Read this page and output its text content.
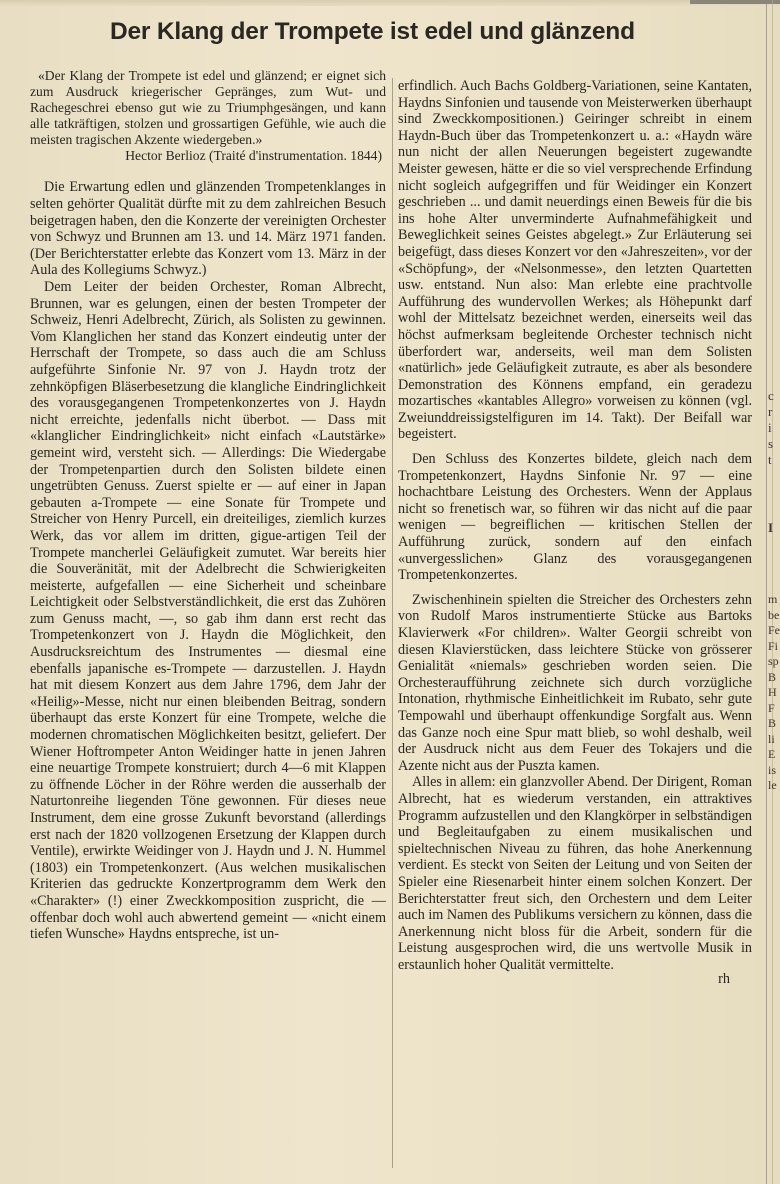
Der Klang der Trompete ist edel und glänzend

«Der Klang der Trompete ist edel und glänzend; er eignet sich zum Ausdruck kriegerischer Gepränges, zum Wut- und Rachegeschrei ebenso gut wie zu Triumphgesängen, und kann alle tatkräftigen, stolzen und grossartigen Gefühle, wie auch die meisten tragischen Akzente wiedergeben.»

Hector Berlioz (Traité d'instrumentation. 1844)

Die Erwartung edlen und glänzenden Trompetenklanges in selten gehörter Qualität dürfte mit zu dem zahlreichen Besuch beigetragen haben, den die Konzerte der vereinigten Orchester von Schwyz und Brunnen am 13. und 14. März 1971 fanden. (Der Berichterstatter erlebte das Konzert vom 13. März in der Aula des Kollegiums Schwyz.)

Dem Leiter der beiden Orchester, Roman Albrecht, Brunnen, war es gelungen, einen der besten Trompeter der Schweiz, Henri Adelbrecht, Zürich, als Solisten zu gewinnen. Vom Klanglichen her stand das Konzert eindeutig unter der Herrschaft der Trompete, so dass auch die am Schluss aufgeführte Sinfonie Nr. 97 von J. Haydn trotz der zehnköpfigen Bläserbesetzung die klangliche Eindringlichkeit des vorausgegangenen Trompetenkonzertes von J. Haydn nicht erreichte, jedenfalls nicht überbot. — Dass mit «klanglicher Eindringlichkeit» nicht einfach «Lautstärke» gemeint wird, versteht sich. — Allerdings: Die Wiedergabe der Trompetenpartien durch den Solisten bildete einen ungetrübten Genuss. Zuerst spielte er — auf einer in Japan gebauten a-Trompete — eine Sonate für Trompete und Streicher von Henry Purcell, ein dreiteiliges, ziemlich kurzes Werk, das vor allem im dritten, gigue-artigen Teil der Trompete mancherlei Geläufigkeit zumutet. War bereits hier die Souveränität, mit der Adelbrecht die Schwierigkeiten meisterte, aufgefallen — eine Sicherheit und scheinbare Leichtigkeit oder Selbstverständlichkeit, die erst das Zuhören zum Genuss macht, —, so gab ihm dann erst recht das Trompetenkonzert von J. Haydn die Möglichkeit, den Ausdrucksreichtum des Instrumentes — diesmal eine ebenfalls japanische es-Trompete — darzustellen. J. Haydn hat mit diesem Konzert aus dem Jahre 1796, dem Jahr der «Heilig»-Messe, nicht nur einen bleibenden Beitrag, sondern überhaupt das erste Konzert für eine Trompete, welche die modernen chromatischen Möglichkeiten besitzt, geliefert. Der Wiener Hoftrompeter Anton Weidinger hatte in jenen Jahren eine neuartige Trompete konstruiert; durch 4—6 mit Klappen zu öffnende Löcher in der Röhre werden die ausserhalb der Naturtonreihe liegenden Töne gewonnen. Für dieses neue Instrument, dem eine grosse Zukunft bevorstand (allerdings erst nach der 1820 vollzogenen Ersetzung der Klappen durch Ventile), erwirkte Weidinger von J. Haydn und J. N. Hummel (1803) ein Trompetenkonzert. (Aus welchen musikalischen Kriterien das gedruckte Konzertprogramm dem Werk den «Charakter» (!) einer Zweckkomposition zuspricht, die — offenbar doch wohl auch abwertend gemeint — «nicht einem tiefen Wunsche» Haydns entspreche, ist un-

erfindlich. Auch Bachs Goldberg-Variationen, seine Kantaten, Haydns Sinfonien und tausende von Meisterwerken überhaupt sind Zweckkompositionen.) Geiringer schreibt in einem Haydn-Buch über das Trompetenkonzert u. a.: «Haydn wäre nun nicht der allen Neuerungen begeistert zugewandte Meister gewesen, hätte er die so viel versprechende Erfindung nicht sogleich aufgegriffen und für Weidinger ein Konzert geschrieben ... und damit neuerdings einen Beweis für die bis ins hohe Alter unverminderte Aufnahmefähigkeit und Beweglichkeit seines Geistes abgelegt.» Zur Erläuterung sei beigefügt, dass dieses Konzert vor den «Jahreszeiten», vor der «Schöpfung», der «Nelsonmesse», den letzten Quartetten usw. entstand. Nun also: Man erlebte eine prachtvolle Aufführung des wundervollen Werkes; als Höhepunkt darf wohl der Mittelsatz bezeichnet werden, einerseits weil das höchst aufmerksam begleitende Orchester technisch nicht überfordert war, anderseits, weil man dem Solisten «natürlich» jede Geläufigkeit zutraute, es aber als besondere Demonstration des Könnens empfand, ein geradezu mozartisches «kantables Allegro» vorweisen zu können (vgl. Zweiunddreissigstelfiguren im 14. Takt). Der Beifall war begeistert.

Den Schluss des Konzertes bildete, gleich nach dem Trompetenkonzert, Haydns Sinfonie Nr. 97 — eine hochachtbare Leistung des Orchesters. Wenn der Applaus nicht so frenetisch war, so führen wir das nicht auf die paar wenigen — begreiflichen — kritischen Stellen der Aufführung zurück, sondern auf den einfach «unvergesslichen» Glanz des vorausgegangenen Trompetenkonzertes.

Zwischenhinein spielten die Streicher des Orchesters zehn von Rudolf Maros instrumentierte Stücke aus Bartoks Klavierwerk «For children». Walter Georgii schreibt von diesen Klavierstücken, dass leichtere Stücke von grösserer Genialität «niemals» geschrieben worden seien. Die Orchesteraufführung zeichnete sich durch vorzügliche Intonation, rhythmische Einheitlichkeit im Rubato, sehr gute Tempowahl und überhaupt offenkundige Sorgfalt aus. Wenn das Ganze noch eine Spur matt blieb, so wohl deshalb, weil der Ausdruck nicht aus dem Feuer des Tokajers und die Azente nicht aus der Puszta kamen.

Alles in allem: ein glanzvoller Abend. Der Dirigent, Roman Albrecht, hat es wiederum verstanden, ein attraktives Programm aufzustellen und den Klangkörper in selbständigen und Begleitaufgaben zu einem musikalischen und spieltechnischen Niveau zu führen, das hohe Anerkennung verdient. Es steckt von Seiten der Leitung und von Seiten der Spieler eine Riesenarbeit hinter einem solchen Konzert. Der Berichterstatter freut sich, den Orchestern und dem Leiter auch im Namen des Publikums versichern zu können, dass die Anerkennung nicht bloss für die Arbeit, sondern für die Leistung ausgesprochen wird, die uns wertvolle Musik in erstaunlich hoher Qualität vermittelte.

rh

c
r
i
s
t
I
m
be
Fe
Fi
sp
B
H
F
B
li
E
is
le
